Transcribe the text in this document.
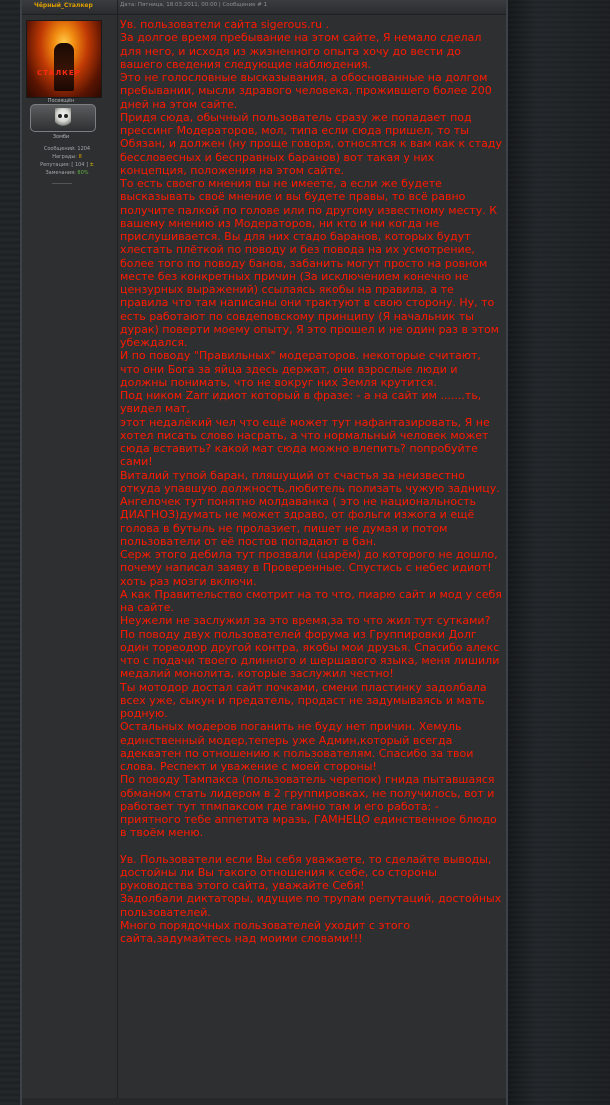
Чёрный_Сталкер	Дата: Пятница, 18.03.2011, 00:00 | Сообщение # 1
СТАЛКЕР
Посвящён
Зомби
Сообщений: 1204
Награды: 8
Репутация: [ 104 ] ±
Замечания: 80%

Ув. пользователи сайта sigerous.ru .

За долгое время пребывание на этом сайте, Я немало сделал для него, и исходя из жизненного опыта хочу до вести до вашего сведения следующие наблюдения.

Это не голословные высказывания, а обоснованные на долгом пребывании, мысли здравого человека, прожившего более 200 дней на этом сайте.

Придя сюда, обычный пользователь сразу же попадает под прессинг Модераторов, мол, типа если сюда пришел, то ты Обязан, и должен (ну проще говоря, относятся к вам как к стаду бессловесных и бесправных баранов) вот такая у них концепция, положения на этом сайте.

То есть своего мнения вы не имеете, а если же будете высказывать своё мнение и вы будете правы, то всё равно получите палкой по голове или по другому известному месту. К вашему мнению из Модераторов, ни кто и ни когда не прислушивается. Вы для них стадо баранов, которых будут хлестать плёткой по поводу и без повода на их усмотрение, более того по поводу банов, забанить могут просто на ровном месте без конкретных причин (За исключением конечно не цензурных выражений) ссылаясь якобы на правила, а те правила что там написаны они трактуют в свою сторону. Ну, то есть работают по совдеповскому принципу (Я начальник ты дурак) поверти моему опыту, Я это прошел и не один раз в этом убеждался.

И по поводу "Правильных" модераторов. некоторые считают, что они Бога за яйца здесь держат, они взрослые люди и должны понимать, что не вокруг них Земля крутится.

Под ником Zarr идиот который в фразе: - а на сайт им .......ть, увидел мат,

этот недалёкий чел что ещё может тут нафантазировать, Я не хотел писать слово насрать, а что нормальный человек может сюда вставить? какой мат сюда можно влепить? попробуйте сами!

Виталий тупой баран, пляшущий от счастья за неизвестно откуда упавшую должность,любитель полизать чужую задницу.

Ангелочек тут понятно молдаванка ( это не национальность ДИАГНОЗ)думать не может здраво, от фольги изжога и ещё голова в бутыль не пролазиет, пишет не думая и потом пользователи от её постов попадают в бан.

Серж этого дебила тут прозвали (царём) до которого не дошло, почему написал заяву в Проверенные. Спустись с небес идиот! хоть раз мозги включи.

А как Правительство смотрит на то что, пиарю сайт и мод у себя на сайте.

Неужели не заслужил за это время,за то что жил тут сутками?

По поводу двух пользователей форума из Группировки Долг один тореодор другой контра, якобы мои друзья. Спасибо алекс что с подачи твоего длинного и шершавого языка, меня лишили медалий монолита, которые заслужил честно!

Ты мотодор достал сайт почками, смени пластинку задолбала всех уже, сыкун и предатель, продаст не задумываясь и мать родную.

Остальных модеров поганить не буду нет причин. Хемуль единственный модер,теперь уже Админ,который всегда адекватен по отношению к пользователям. Спасибо за твои слова. Респект и уважение с моей стороны!

По поводу Тампакса (пользователь черепок) гнида пытавшаяся обманом стать лидером в 2 группировках, не получилось, вот и работает тут тпмпаксом где гамно там и его работа: - приятного тебе аппетита мразь, ГАМНЕЦО единственное блюдо в твоём меню.

Ув. Пользователи если Вы себя уважаете, то сделайте выводы, достойны ли Вы такого отношения к себе, со стороны руководства этого сайта, уважайте Себя!

Задолбали диктаторы, идущие по трупам репутаций, достойных пользователей.

Много порядочных пользователей уходит с этого сайта,задумайтесь над моими словами!!!
